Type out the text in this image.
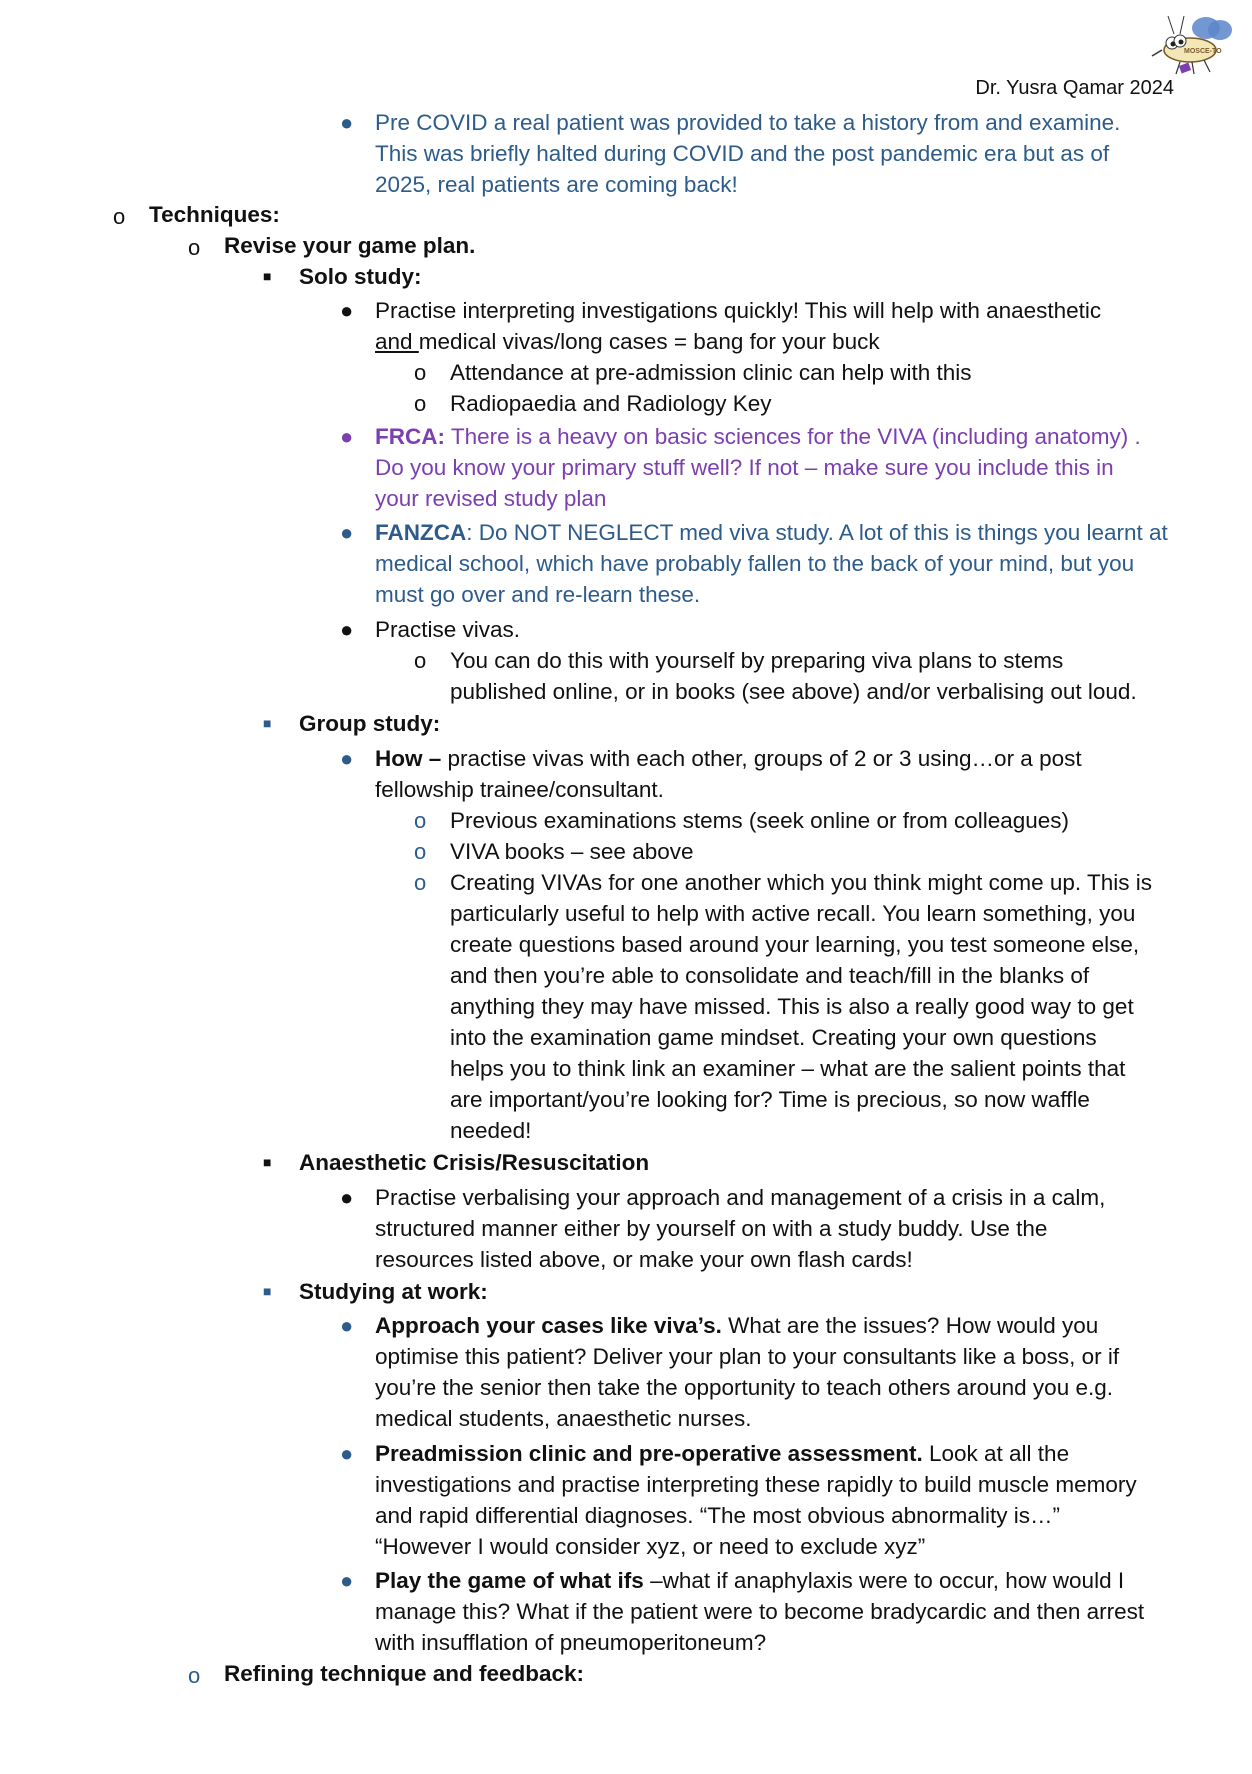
MOSCE-TO
Dr. Yusra Qamar 2024
● Pre COVID a real patient was provided to take a history from and examine.
This was briefly halted during COVID and the post pandemic era but as of
2025, real patients are coming back!
o Techniques:
o Revise your game plan.
■ Solo study:
● Practise interpreting investigations quickly! This will help with anaesthetic
and medical vivas/long cases = bang for your buck
o Attendance at pre-admission clinic can help with this
o Radiopaedia and Radiology Key
● FRCA: There is a heavy on basic sciences for the VIVA (including anatomy) .
Do you know your primary stuff well? If not – make sure you include this in
your revised study plan
● FANZCA: Do NOT NEGLECT med viva study. A lot of this is things you learnt at
medical school, which have probably fallen to the back of your mind, but you
must go over and re-learn these.
● Practise vivas.
o You can do this with yourself by preparing viva plans to stems
published online, or in books (see above) and/or verbalising out loud.
■ Group study:
● How – practise vivas with each other, groups of 2 or 3 using…or a post
fellowship trainee/consultant.
o Previous examinations stems (seek online or from colleagues)
o VIVA books – see above
o Creating VIVAs for one another which you think might come up. This is
particularly useful to help with active recall. You learn something, you
create questions based around your learning, you test someone else,
and then you’re able to consolidate and teach/fill in the blanks of
anything they may have missed. This is also a really good way to get
into the examination game mindset. Creating your own questions
helps you to think link an examiner – what are the salient points that
are important/you’re looking for? Time is precious, so now waffle
needed!
■ Anaesthetic Crisis/Resuscitation
● Practise verbalising your approach and management of a crisis in a calm,
structured manner either by yourself on with a study buddy. Use the
resources listed above, or make your own flash cards!
■ Studying at work:
● Approach your cases like viva’s. What are the issues? How would you
optimise this patient? Deliver your plan to your consultants like a boss, or if
you’re the senior then take the opportunity to teach others around you e.g.
medical students, anaesthetic nurses.
● Preadmission clinic and pre-operative assessment. Look at all the
investigations and practise interpreting these rapidly to build muscle memory
and rapid differential diagnoses. “The most obvious abnormality is…”
“However I would consider xyz, or need to exclude xyz”
● Play the game of what ifs –what if anaphylaxis were to occur, how would I
manage this? What if the patient were to become bradycardic and then arrest
with insufflation of pneumoperitoneum?
o Refining technique and feedback:
